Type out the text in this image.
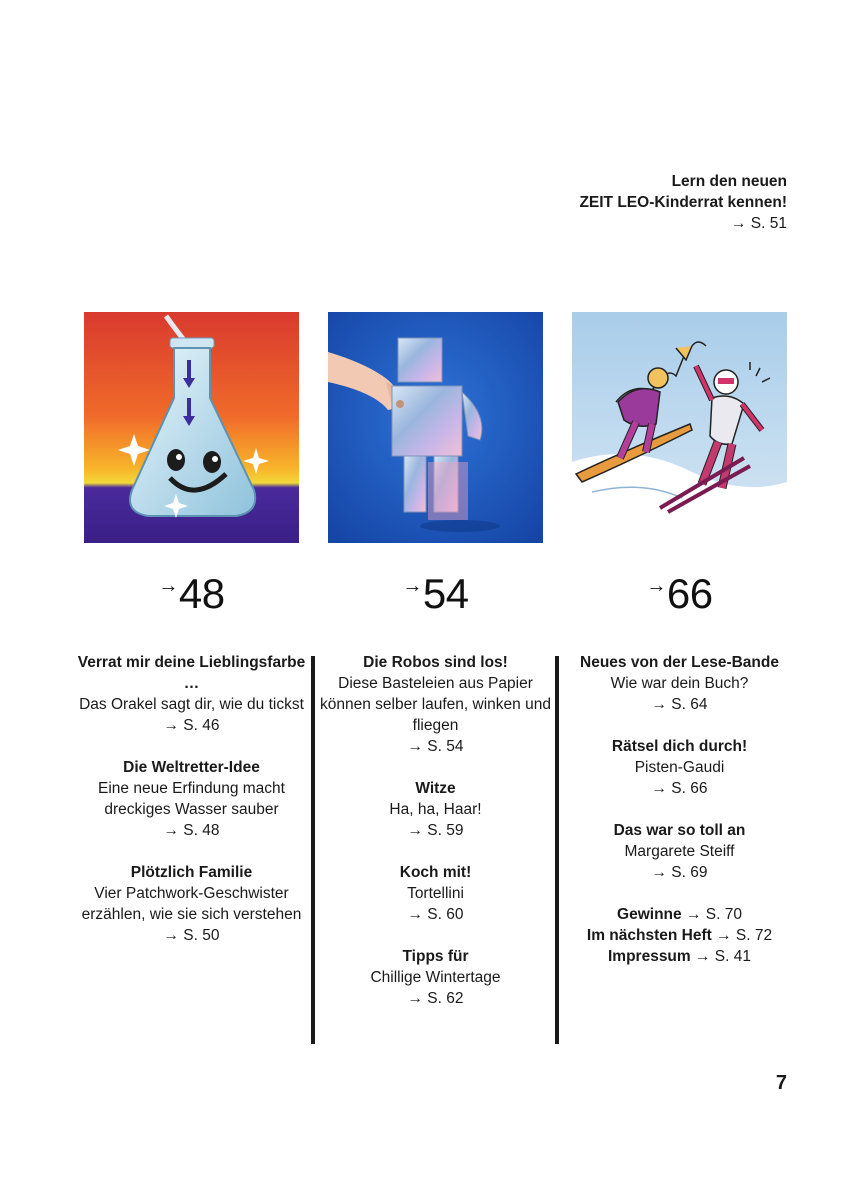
Lern den neuen
ZEIT LEO-Kinderrat kennen!
→ S. 51
→48
Verrat mir deine Lieblingsfarbe …
Das Orakel sagt dir, wie du tickst
→ S. 46
Die Weltretter-Idee
Eine neue Erfindung macht dreckiges Wasser sauber
→ S. 48
Plötzlich Familie
Vier Patchwork-Geschwister erzählen, wie sie sich verstehen
→ S. 50
→54
Die Robos sind los!
Diese Basteleien aus Papier können selber laufen, winken und fliegen
→ S. 54
Witze
Ha, ha, Haar!
→ S. 59
Koch mit!
Tortellini
→ S. 60
Tipps für
Chillige Wintertage
→ S. 62
→66
Neues von der Lese-Bande
Wie war dein Buch?
→ S. 64
Rätsel dich durch!
Pisten-Gaudi
→ S. 66
Das war so toll an
Margarete Steiff
→ S. 69
Gewinne → S. 70
Im nächsten Heft → S. 72
Impressum → S. 41
7
